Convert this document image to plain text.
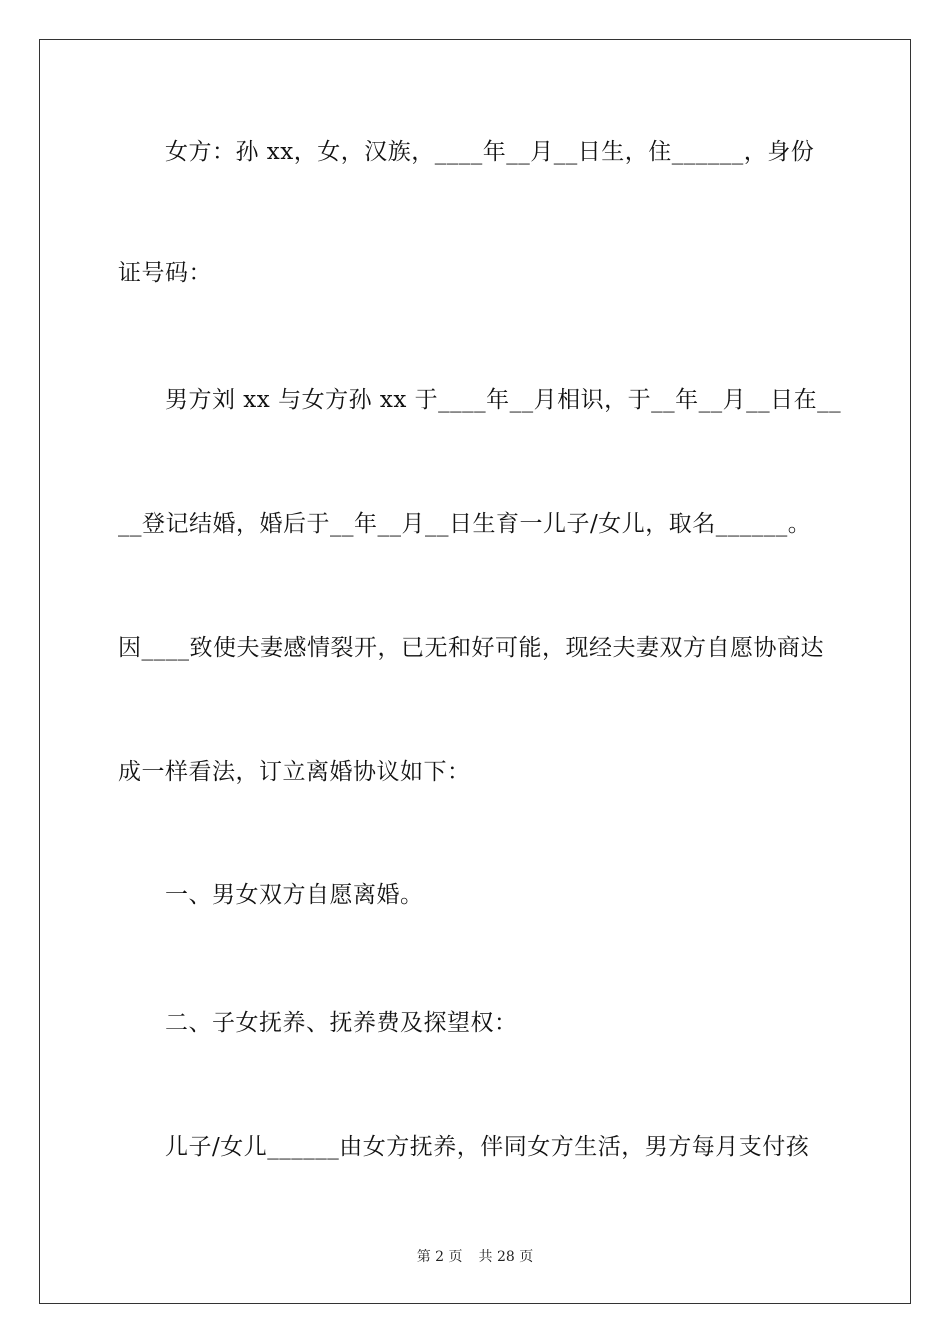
女方：孙 xx，女，汉族，____年__月__日生，住______，身份

证号码：

男方刘 xx 与女方孙 xx 于____年__月相识，于__年__月__日在__

__登记结婚，婚后于__年__月__日生育一儿子/女儿，取名______。

因____致使夫妻感情裂开，已无和好可能，现经夫妻双方自愿协商达

成一样看法，订立离婚协议如下：

一、男女双方自愿离婚。

二、子女抚养、抚养费及探望权：

儿子/女儿______由女方抚养，伴同女方生活，男方每月支付孩

第 2 页 共 28 页
